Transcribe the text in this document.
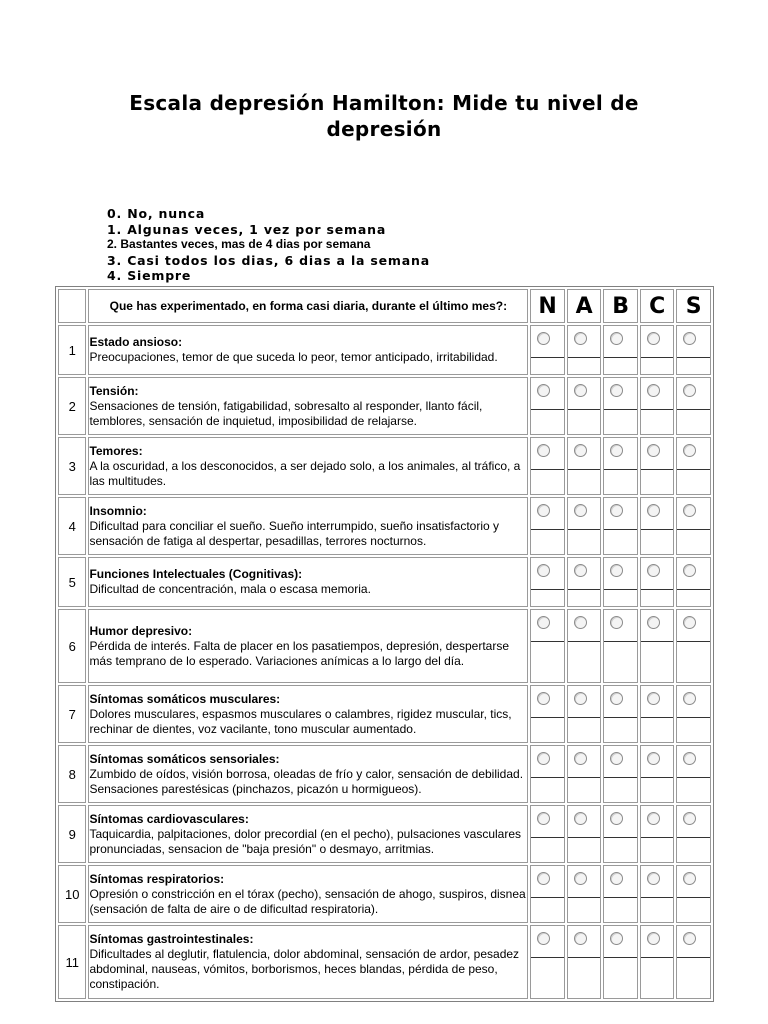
Escala depresión Hamilton: Mide tu nivel de depresión
0. No, nunca
1. Algunas veces, 1 vez por semana
2. Bastantes veces, mas de 4 dias por semana
3. Casi todos los dias, 6 dias a la semana
4. Siempre
	Que has experimentado, en forma casi diaria, durante el último mes?:	N	A	B	C	S
1	Estado ansioso:
Preocupaciones, temor de que suceda lo peor, temor anticipado, irritabilidad.	

2	Tensión:
Sensaciones de tensión, fatigabilidad, sobresalto al responder, llanto fácil, temblores, sensación de inquietud, imposibilidad de relajarse.	

3	Temores:
A la oscuridad, a los desconocidos, a ser dejado solo, a los animales, al tráfico, a las multitudes.	

4	Insomnio:
Dificultad para conciliar el sueño. Sueño interrumpido, sueño insatisfactorio y sensación de fatiga al despertar, pesadillas, terrores nocturnos.	

5	Funciones Intelectuales (Cognitivas):
Dificultad de concentración, mala o escasa memoria.	

6	Humor depresivo:
Pérdida de interés. Falta de placer en los pasatiempos, depresión, despertarse más temprano de lo esperado. Variaciones anímicas a lo largo del día.	

7	Síntomas somáticos musculares:
Dolores musculares, espasmos musculares o calambres, rigidez muscular, tics, rechinar de dientes, voz vacilante, tono muscular aumentado.	

8	Síntomas somáticos sensoriales:
Zumbido de oídos, visión borrosa, oleadas de frío y calor, sensación de debilidad. Sensaciones parestésicas (pinchazos, picazón u hormigueos).	

9	Síntomas cardiovasculares:
Taquicardia, palpitaciones, dolor precordial (en el pecho), pulsaciones vasculares pronunciadas, sensacion de "baja presión" o desmayo, arritmias.	

10	Síntomas respiratorios:
Opresión o constricción en el tórax (pecho), sensación de ahogo, suspiros, disnea (sensación de falta de aire o de dificultad respiratoria).	

11	Síntomas gastrointestinales:
Dificultades al deglutir, flatulencia, dolor abdominal, sensación de ardor, pesadez abdominal, nauseas, vómitos, borborismos, heces blandas, pérdida de peso, constipación.	
